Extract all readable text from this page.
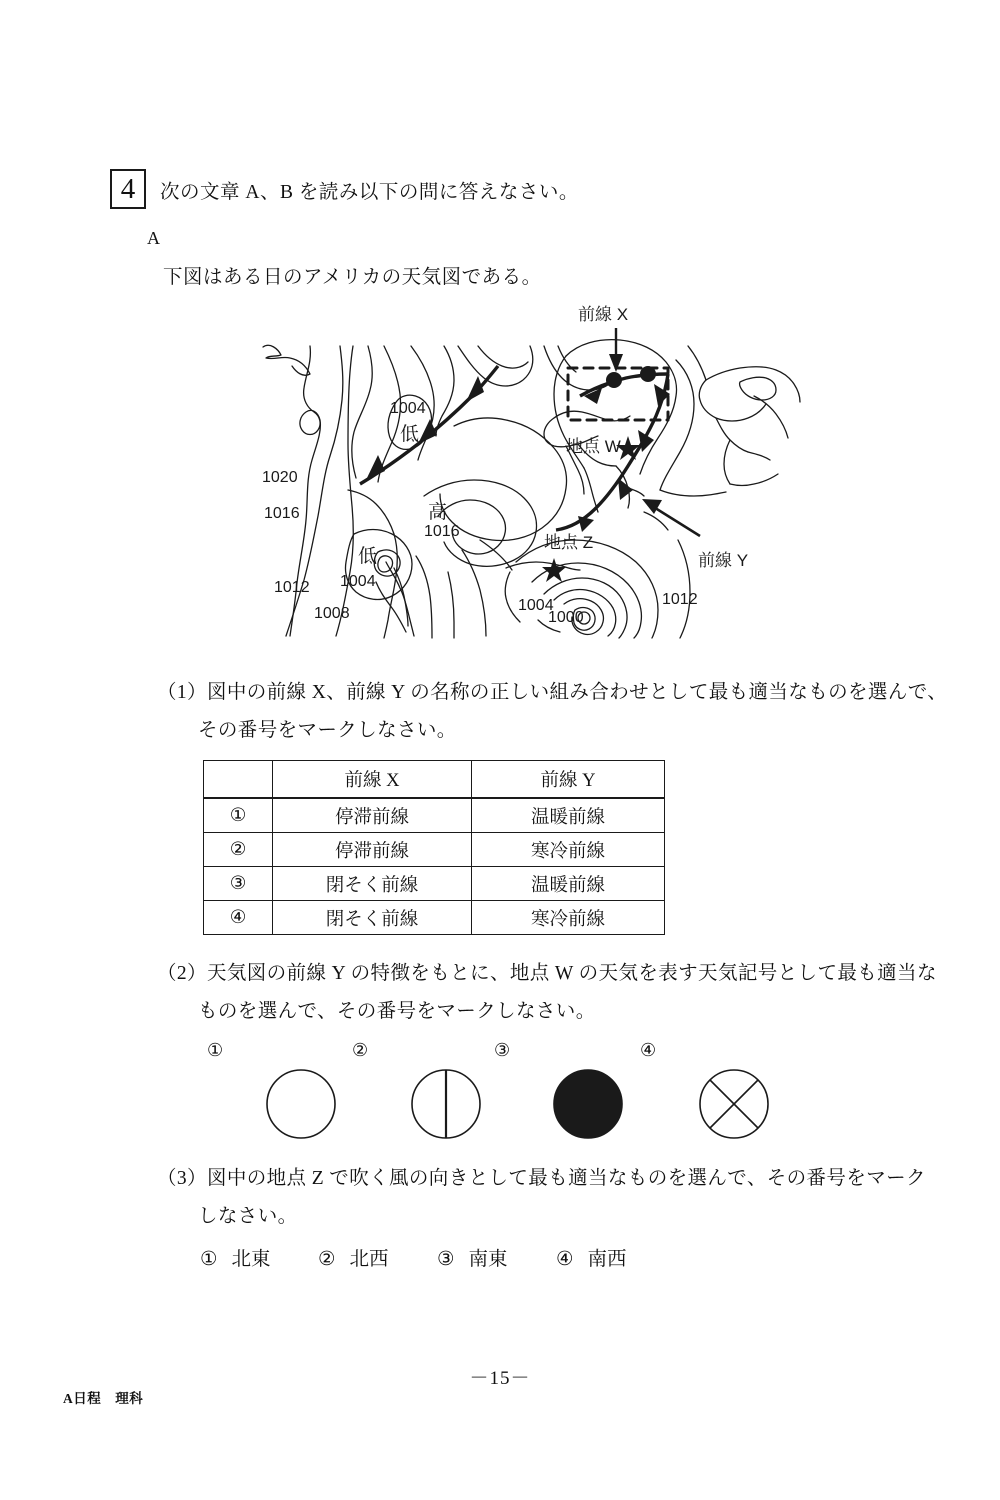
4 次の文章 A、B を読み以下の問に答えなさい。
A
下図はある日のアメリカの天気図である。
前線 X
前線 Y
地点 W
地点 Z
1020
1016
1012
1008
1004
1004
1016
1004
1000
1012
低
低
高
（1）図中の前線 X、前線 Y の名称の正しい組み合わせとして最も適当なものを選んで、
その番号をマークしなさい。
	前線 X	前線 Y
①	停滞前線	温暖前線
②	停滞前線	寒冷前線
③	閉そく前線	温暖前線
④	閉そく前線	寒冷前線
（2）天気図の前線 Y の特徴をもとに、地点 W の天気を表す天気記号として最も適当な
ものを選んで、その番号をマークしなさい。
①	②	③	④
（3）図中の地点 Z で吹く風の向きとして最も適当なものを選んで、その番号をマーク
しなさい。
① 北東 ② 北西 ③ 南東 ④ 南西
－15－
A日程　理科
